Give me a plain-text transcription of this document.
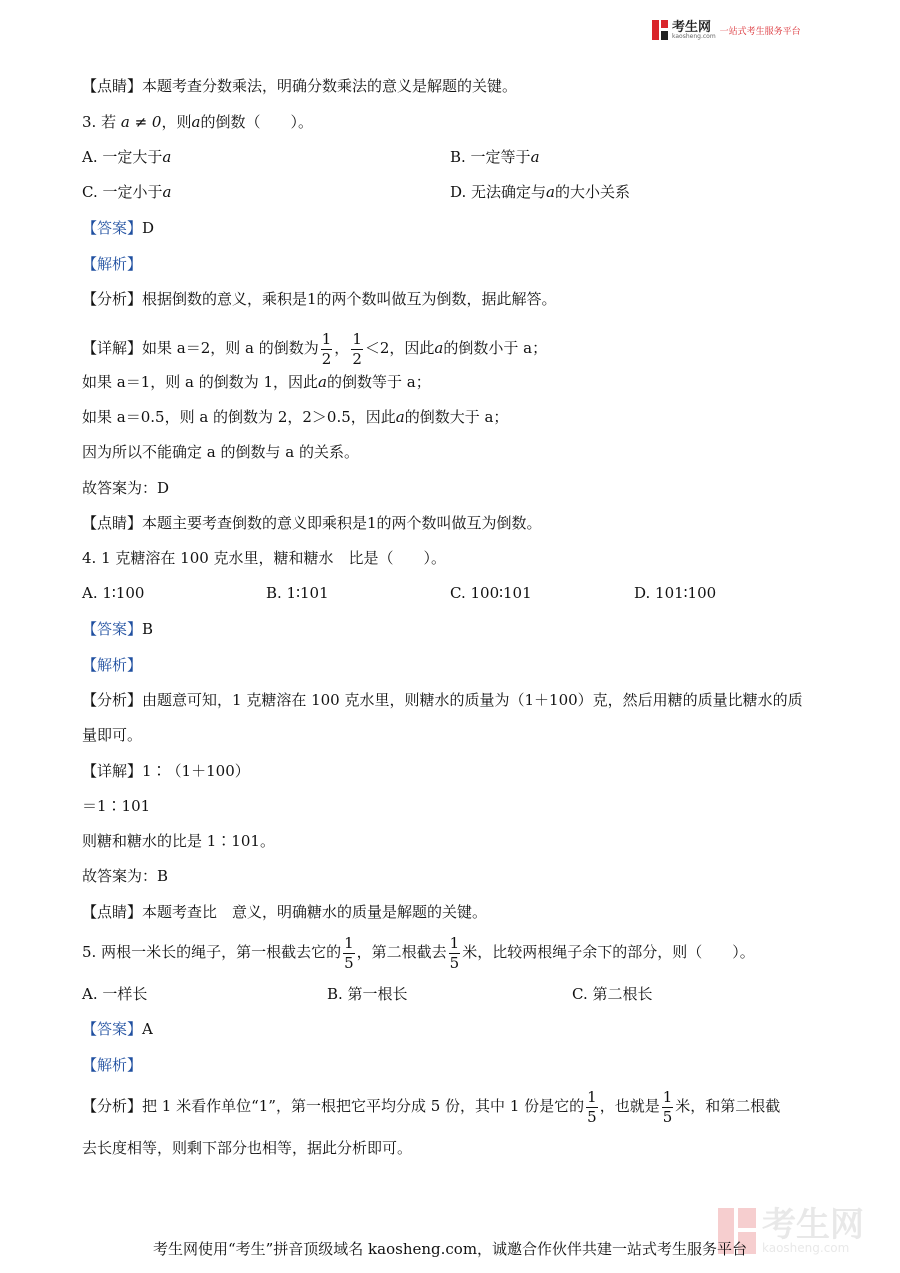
考生网
kaosheng.com 一站式考生服务平台
【点睛】本题考查分数乘法，明确分数乘法的意义是解题的关键。
3. 若 a ≠ 0，则a的倒数（　　）。
A. 一定大于a	B. 一定等于a
C. 一定小于a	D. 无法确定与a的大小关系
【答案】D
【解析】
【分析】根据倒数的意义，乘积是1的两个数叫做互为倒数，据此解答。
【详解】如果 a＝2，则 a 的倒数为 $\frac{1}{2}$ ， $\frac{1}{2} <2$，因此a的倒数小于 a；
如果 a＝1，则 a 的倒数为 1，因此a的倒数等于 a；
如果 a＝0.5，则 a 的倒数为 2，2＞0.5，因此a的倒数大于 a；
因为所以不能确定 a 的倒数与 a 的关系。
故答案为：D
【点睛】本题主要考查倒数的意义即乘积是1的两个数叫做互为倒数。
4. 1 克糖溶在 100 克水里，糖和糖水　比是（　　）。
A. 1∶100	B. 1∶101	C. 100∶101	D. 101∶100
【答案】B
【解析】
【分析】由题意可知，1 克糖溶在 100 克水里，则糖水的质量为（1＋100）克，然后用糖的质量比糖水的质
量即可。
【详解】1∶（1＋100）
＝1∶101
则糖和糖水的比是 1∶101。
故答案为：B
【点睛】本题考查比　意义，明确糖水的质量是解题的关键。
5. 两根一米长的绳子，第一根截去它的 $\frac{1}{5}$ ，第二根截去 $\frac{1}{5}$ 米，比较两根绳子余下的部分，则（　　）。
A. 一样长	B. 第一根长	C. 第二根长
【答案】A
【解析】
【分析】把 1 米看作单位“1”，第一根把它平均分成 5 份，其中 1 份是它的 $\frac{1}{5}$ ，也就是 $\frac{1}{5}$ 米，和第二根截
去长度相等，则剩下部分也相等，据此分析即可。
考生网
kaosheng.com
考生网使用“考生”拼音顶级域名 kaosheng.com，诚邀合作伙伴共建一站式考生服务平台
